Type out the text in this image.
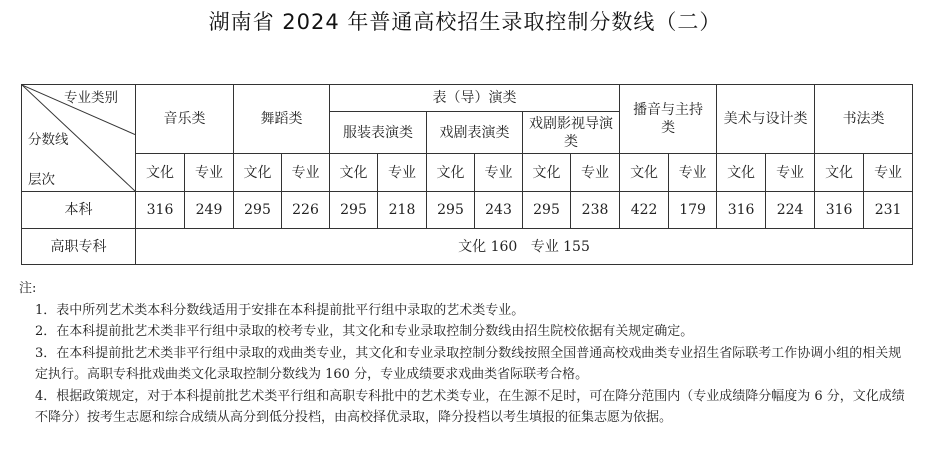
湖南省 2024 年普通高校招生录取控制分数线（二）
专业类别
分数线
层次	音乐类		舞蹈类		表（导）演类						播音与主持类		美术与设计类		书法类	
					服装表演类		戏剧表演类		戏剧影视导演类							
	文化	专业	文化	专业	文化	专业	文化	专业	文化	专业	文化	专业	文化	专业	文化	专业
本科	316	249	295	226	295	218	295	243	295	238	422	179	316	224	316	231
高职专科	文化 160   专业 155															

注:

1．表中所列艺术类本科分数线适用于安排在本科提前批平行组中录取的艺术类专业。

2．在本科提前批艺术类非平行组中录取的校考专业，其文化和专业录取控制分数线由招生院校依据有关规定确定。

3．在本科提前批艺术类非平行组中录取的戏曲类专业，其文化和专业录取控制分数线按照全国普通高校戏曲类专业招生省际联考工作协调小组的相关规定执行。高职专科批戏曲类文化录取控制分数线为 160 分，专业成绩要求戏曲类省际联考合格。

4．根据政策规定，对于本科提前批艺术类平行组和高职专科批中的艺术类专业，在生源不足时，可在降分范围内（专业成绩降分幅度为 6 分，文化成绩不降分）按考生志愿和综合成绩从高分到低分投档，由高校择优录取，降分投档以考生填报的征集志愿为依据。
